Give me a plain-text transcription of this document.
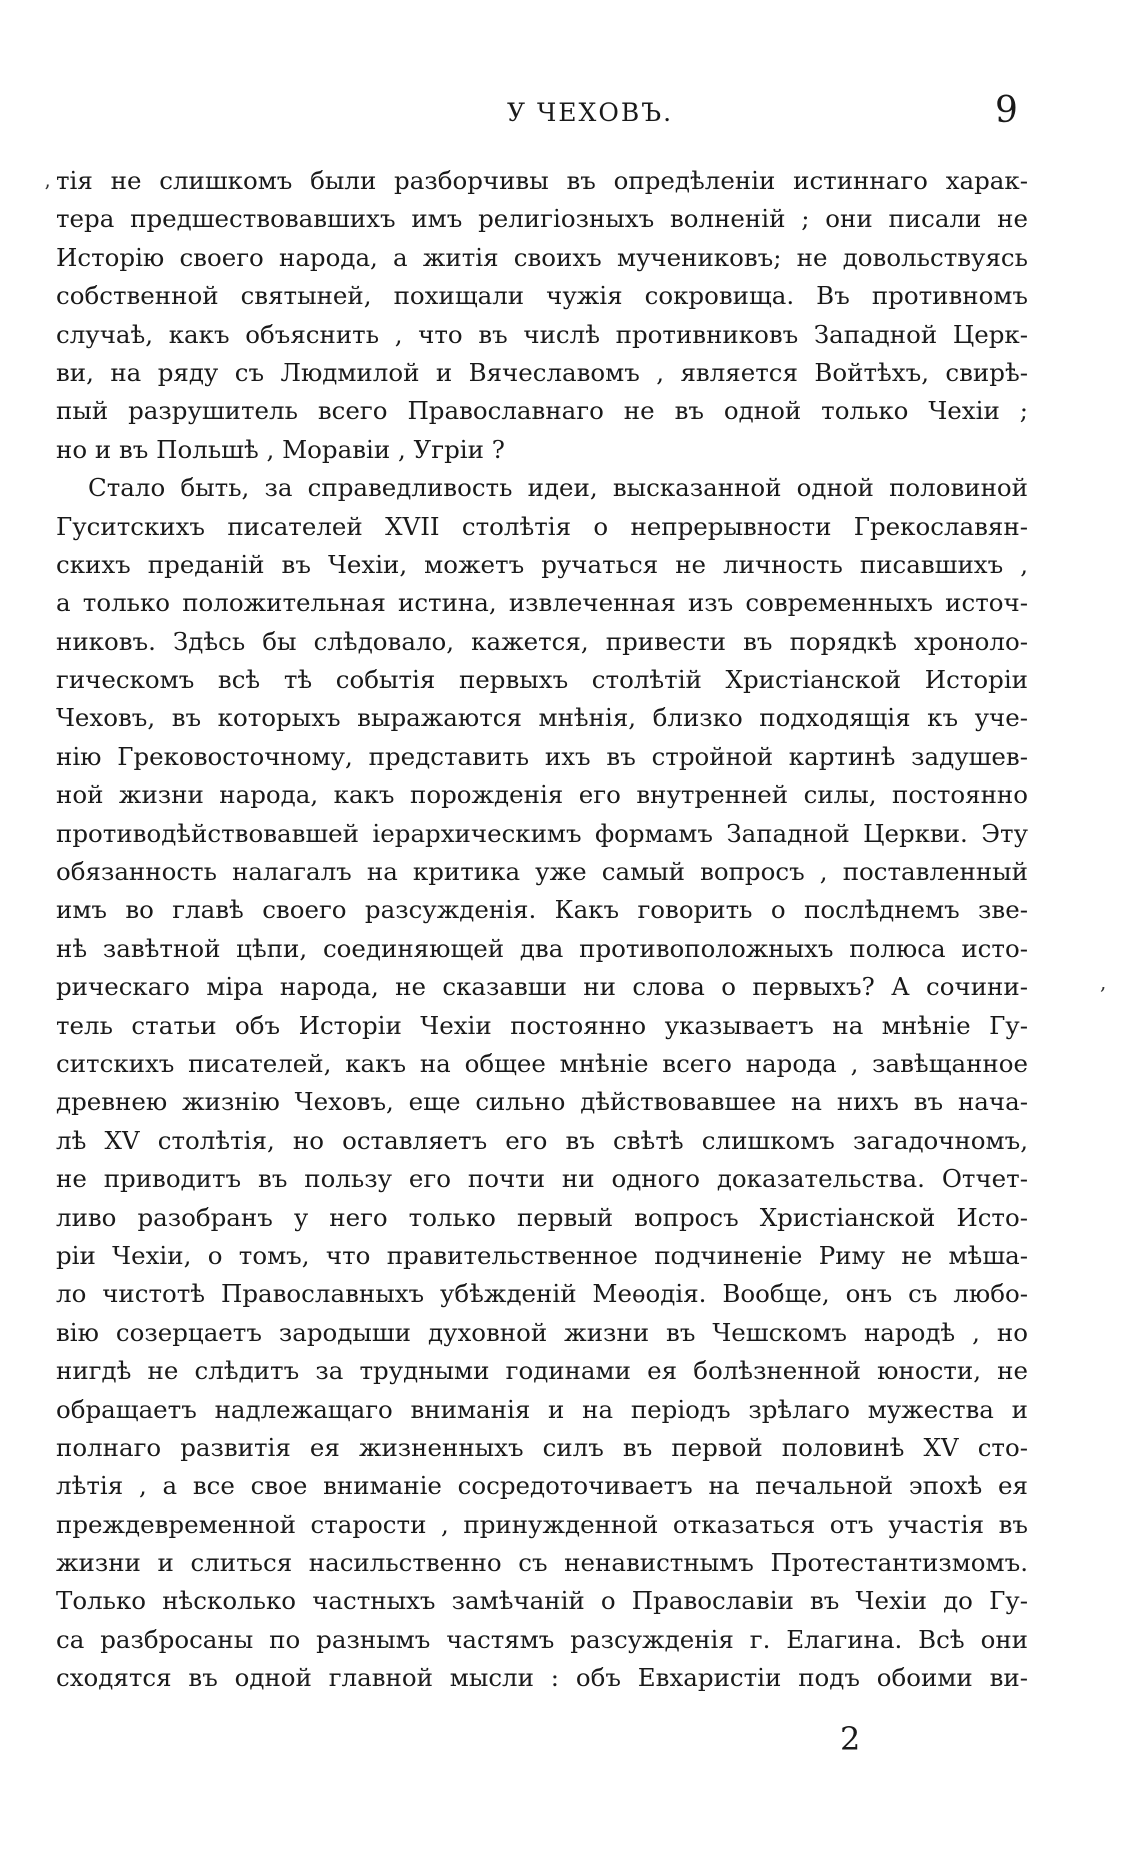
У ЧЕХОВЪ.	9
’
,
тія не слишкомъ были разборчивы въ опредѣленіи истиннаго харак-
тера предшествовавшихъ имъ религіозныхъ волненій ; они писали не
Исторію своего народа, а житія своихъ мучениковъ; не довольствуясь
собственной святыней, похищали чужія сокровища. Въ противномъ
случаѣ, какъ объяснить , что въ числѣ противниковъ Западной Церк-
ви, на ряду съ Людмилой и Вячеславомъ , является Войтѣхъ, свирѣ-
пый разрушитель всего Православнаго не въ одной только Чехіи ;
но и въ Польшѣ , Моравіи , Угріи ?
Стало быть, за справедливость идеи, высказанной одной половиной
Гуситскихъ писателей XVII столѣтія о непрерывности Грекославян-
скихъ преданій въ Чехіи, можетъ ручаться не личность писавшихъ ,
а только положительная истина, извлеченная изъ современныхъ источ-
никовъ. Здѣсь бы слѣдовало, кажется, привести въ порядкѣ хроноло-
гическомъ всѣ тѣ событія первыхъ столѣтій Христіанской Исторіи
Чеховъ, въ которыхъ выражаются мнѣнія, близко подходящія къ уче-
нію Грековосточному, представить ихъ въ стройной картинѣ задушев-
ной жизни народа, какъ порожденія его внутренней силы, постоянно
противодѣйствовавшей іерархическимъ формамъ Западной Церкви. Эту
обязанность налагалъ на критика уже самый вопросъ , поставленный
имъ во главѣ своего разсужденія. Какъ говорить о послѣднемъ зве-
нѣ завѣтной цѣпи, соединяющей два противоположныхъ полюса исто-
рическаго міра народа, не сказавши ни слова о первыхъ? А сочини-
тель статьи объ Исторіи Чехіи постоянно указываетъ на мнѣніе Гу-
ситскихъ писателей, какъ на общее мнѣніе всего народа , завѣщанное
древнею жизнію Чеховъ, еще сильно дѣйствовавшее на нихъ въ нача-
лѣ XV столѣтія, но оставляетъ его въ свѣтѣ слишкомъ загадочномъ,
не приводитъ въ пользу его почти ни одного доказательства. Отчет-
ливо разобранъ у него только первый вопросъ Христіанской Исто-
ріи Чехіи, о томъ, что правительственное подчиненіе Риму не мѣша-
ло чистотѣ Православныхъ убѣжденій Меѳодія. Вообще, онъ съ любо-
вію созерцаетъ зародыши духовной жизни въ Чешскомъ народѣ , но
нигдѣ не слѣдитъ за трудными годинами ея болѣзненной юности, не
обращаетъ надлежащаго вниманія и на періодъ зрѣлаго мужества и
полнаго развитія ея жизненныхъ силъ въ первой половинѣ XV сто-
лѣтія , а все свое вниманіе сосредоточиваетъ на печальной эпохѣ ея
преждевременной старости , принужденной отказаться отъ участія въ
жизни и слиться насильственно съ ненавистнымъ Протестантизмомъ.
Только нѣсколько частныхъ замѣчаній о Православіи въ Чехіи до Гу-
са разбросаны по разнымъ частямъ разсужденія г. Елагина. Всѣ они
сходятся въ одной главной мысли : объ Евхаристіи подъ обоими ви-
2
